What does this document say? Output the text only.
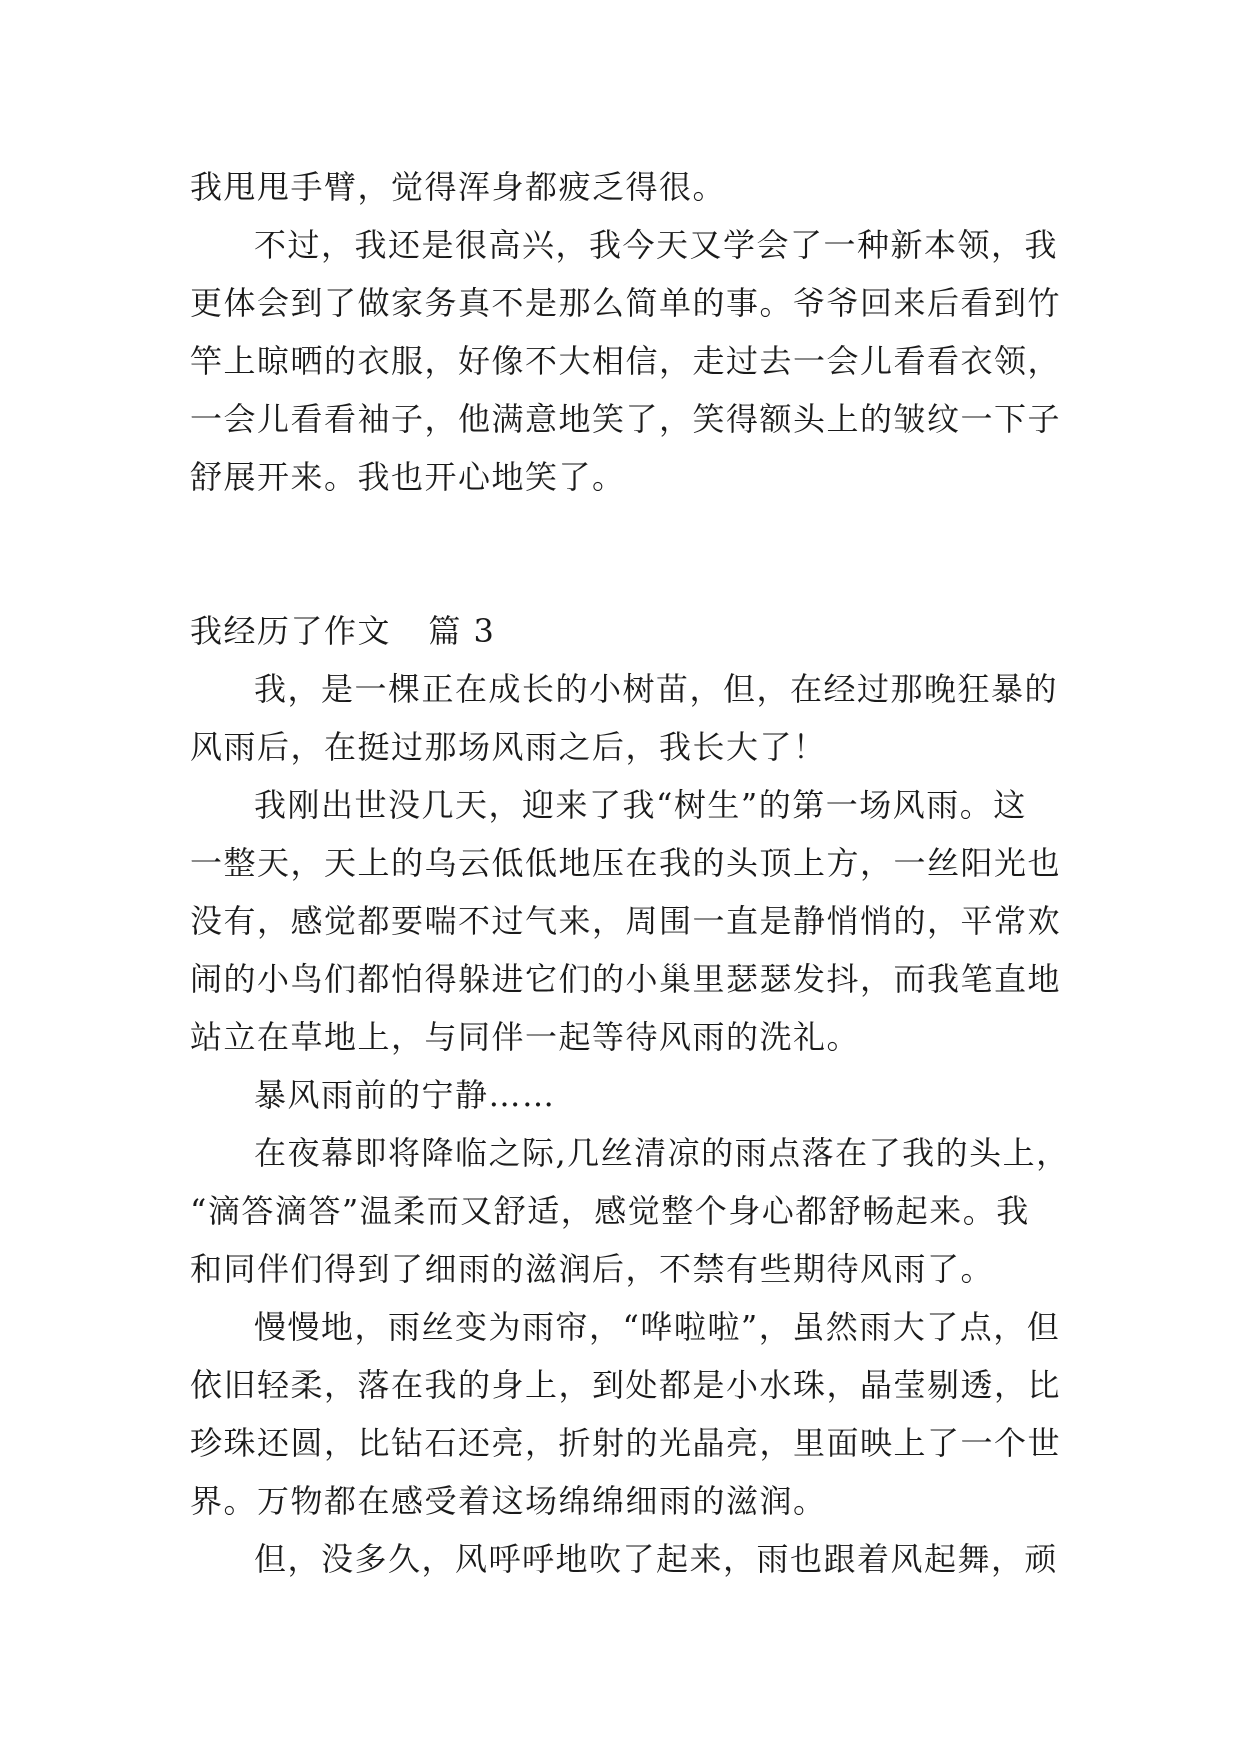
我甩甩手臂，觉得浑身都疲乏得很。
不过，我还是很高兴，我今天又学会了一种新本领，我
更体会到了做家务真不是那么简单的事。爷爷回来后看到竹
竿上晾晒的衣服，好像不大相信，走过去一会儿看看衣领，
一会儿看看袖子，他满意地笑了，笑得额头上的皱纹一下子
舒展开来。我也开心地笑了。
我经历了作文 篇 3
我，是一棵正在成长的小树苗，但，在经过那晚狂暴的
风雨后，在挺过那场风雨之后，我长大了！
我刚出世没几天，迎来了我“树生”的第一场风雨。这
一整天，天上的乌云低低地压在我的头顶上方，一丝阳光也
没有，感觉都要喘不过气来，周围一直是静悄悄的，平常欢
闹的小鸟们都怕得躲进它们的小巢里瑟瑟发抖，而我笔直地
站立在草地上，与同伴一起等待风雨的洗礼。
暴风雨前的宁静……
在夜幕即将降临之际,几丝清凉的雨点落在了我的头上，
“滴答滴答”温柔而又舒适，感觉整个身心都舒畅起来。我
和同伴们得到了细雨的滋润后，不禁有些期待风雨了。
慢慢地，雨丝变为雨帘，“哗啦啦”，虽然雨大了点，但
依旧轻柔，落在我的身上，到处都是小水珠，晶莹剔透，比
珍珠还圆，比钻石还亮，折射的光晶亮，里面映上了一个世
界。万物都在感受着这场绵绵细雨的滋润。
但，没多久，风呼呼地吹了起来，雨也跟着风起舞，顽
